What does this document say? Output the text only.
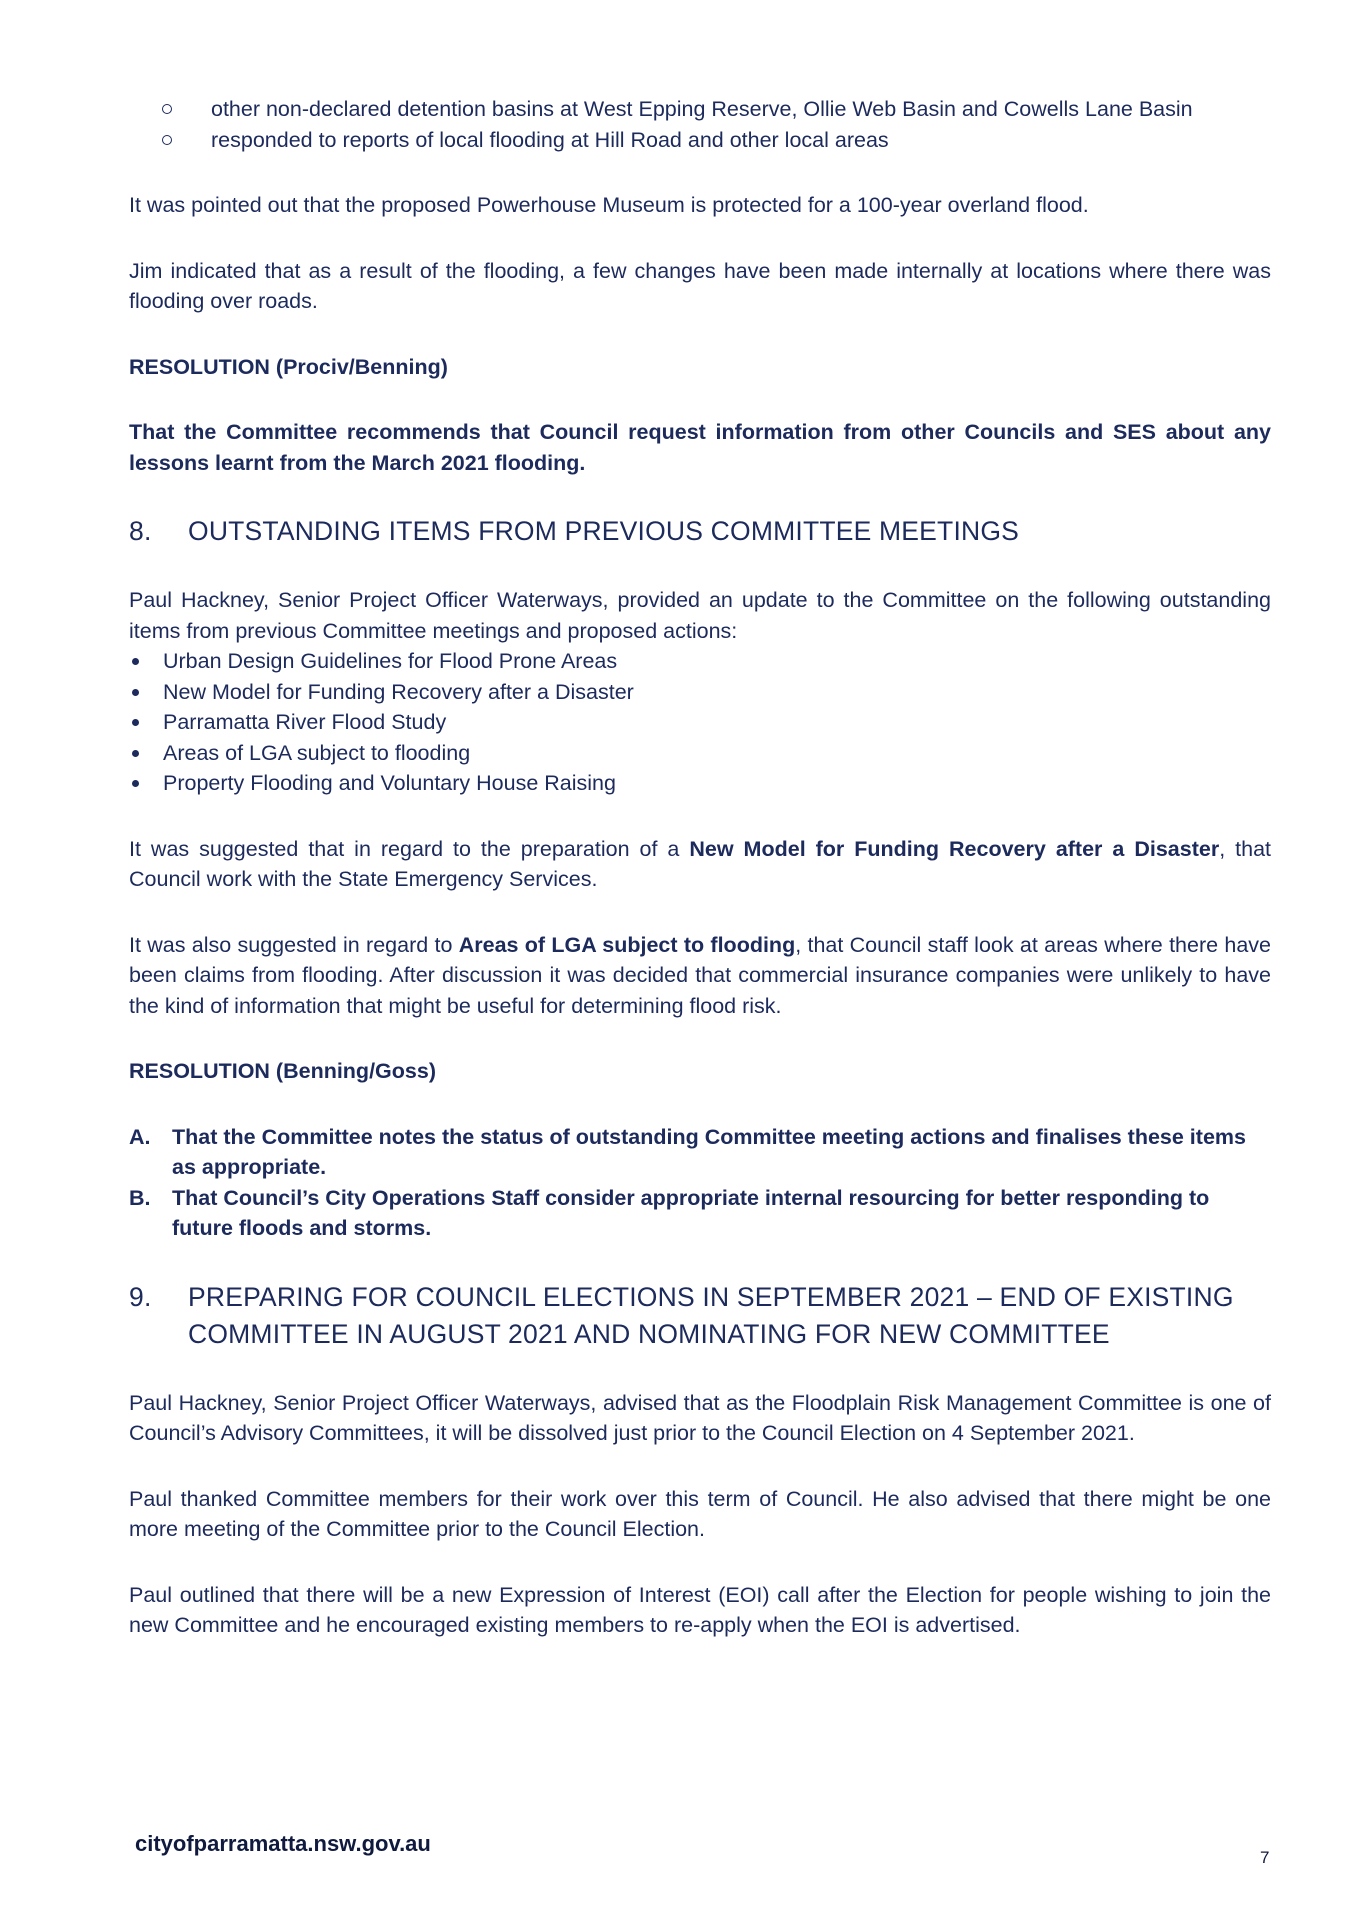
other non-declared detention basins at West Epping Reserve, Ollie Web Basin and Cowells Lane Basin
responded to reports of local flooding at Hill Road and other local areas

It was pointed out that the proposed Powerhouse Museum is protected for a 100-year overland flood.

Jim indicated that as a result of the flooding, a few changes have been made internally at locations where there was flooding over roads.

RESOLUTION (Prociv/Benning)

That the Committee recommends that Council request information from other Councils and SES about any lessons learnt from the March 2021 flooding.

8.	OUTSTANDING ITEMS FROM PREVIOUS COMMITTEE MEETINGS

Paul Hackney, Senior Project Officer Waterways, provided an update to the Committee on the following outstanding items from previous Committee meetings and proposed actions:

Urban Design Guidelines for Flood Prone Areas
New Model for Funding Recovery after a Disaster
Parramatta River Flood Study
Areas of LGA subject to flooding
Property Flooding and Voluntary House Raising

It was suggested that in regard to the preparation of a New Model for Funding Recovery after a Disaster, that Council work with the State Emergency Services.

It was also suggested in regard to Areas of LGA subject to flooding, that Council staff look at areas where there have been claims from flooding. After discussion it was decided that commercial insurance companies were unlikely to have the kind of information that might be useful for determining flood risk.

RESOLUTION (Benning/Goss)

A. That the Committee notes the status of outstanding Committee meeting actions and finalises these items as appropriate.
B. That Council’s City Operations Staff consider appropriate internal resourcing for better responding to future floods and storms.
9.	PREPARING FOR COUNCIL ELECTIONS IN SEPTEMBER 2021 – END OF EXISTING COMMITTEE IN AUGUST 2021 AND NOMINATING FOR NEW COMMITTEE

Paul Hackney, Senior Project Officer Waterways, advised that as the Floodplain Risk Management Committee is one of Council’s Advisory Committees, it will be dissolved just prior to the Council Election on 4 September 2021.

Paul thanked Committee members for their work over this term of Council. He also advised that there might be one more meeting of the Committee prior to the Council Election.

Paul outlined that there will be a new Expression of Interest (EOI) call after the Election for people wishing to join the new Committee and he encouraged existing members to re-apply when the EOI is advertised.

cityofparramatta.nsw.gov.au
7
